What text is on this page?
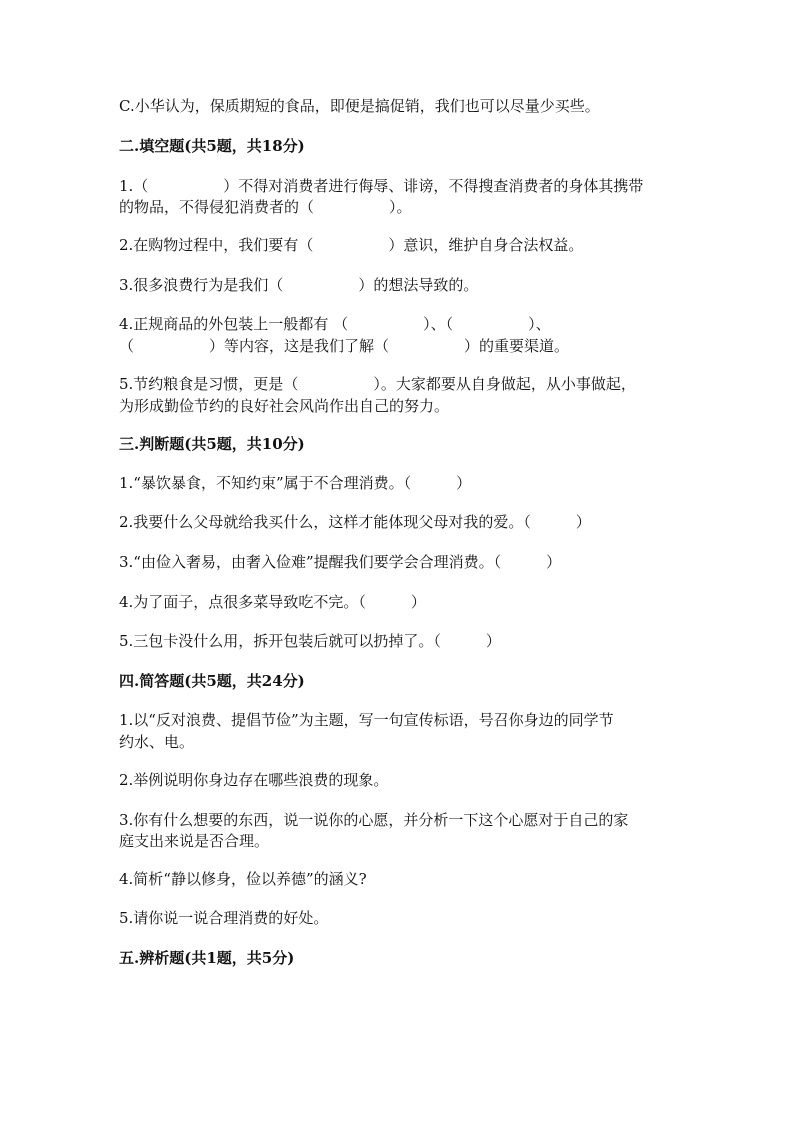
C.小华认为，保质期短的食品，即便是搞促销，我们也可以尽量少买些。
二.填空题(共5题，共18分)
1.（　　　　　）不得对消费者进行侮辱、诽谤，不得搜查消费者的身体其携带
的物品，不得侵犯消费者的（　　　　　）。
2.在购物过程中，我们要有（　　　　　）意识，维护自身合法权益。
3.很多浪费行为是我们（　　　　　）的想法导致的。
4.正规商品的外包装上一般都有 （　　　　　）、（　　　　　）、
（　　　　　）等内容，这是我们了解（　　　　　）的重要渠道。
5.节约粮食是习惯，更是（　　　　　）。大家都要从自身做起，从小事做起，
为形成勤俭节约的良好社会风尚作出自己的努力。
三.判断题(共5题，共10分)
1.“暴饮暴食，不知约束”属于不合理消费。（　　　）
2.我要什么父母就给我买什么，这样才能体现父母对我的爱。（　　　）
3.“由俭入奢易，由奢入俭难”提醒我们要学会合理消费。（　　　）
4.为了面子，点很多菜导致吃不完。（　　　）
5.三包卡没什么用，拆开包装后就可以扔掉了。（　　　）
四.简答题(共5题，共24分)
1.以“反对浪费、提倡节俭”为主题，写一句宣传标语，号召你身边的同学节
约水、电。
2.举例说明你身边存在哪些浪费的现象。
3.你有什么想要的东西，说一说你的心愿，并分析一下这个心愿对于自己的家
庭支出来说是否合理。
4.简析“静以修身，俭以养德”的涵义?
5.请你说一说合理消费的好处。
五.辨析题(共1题，共5分)
